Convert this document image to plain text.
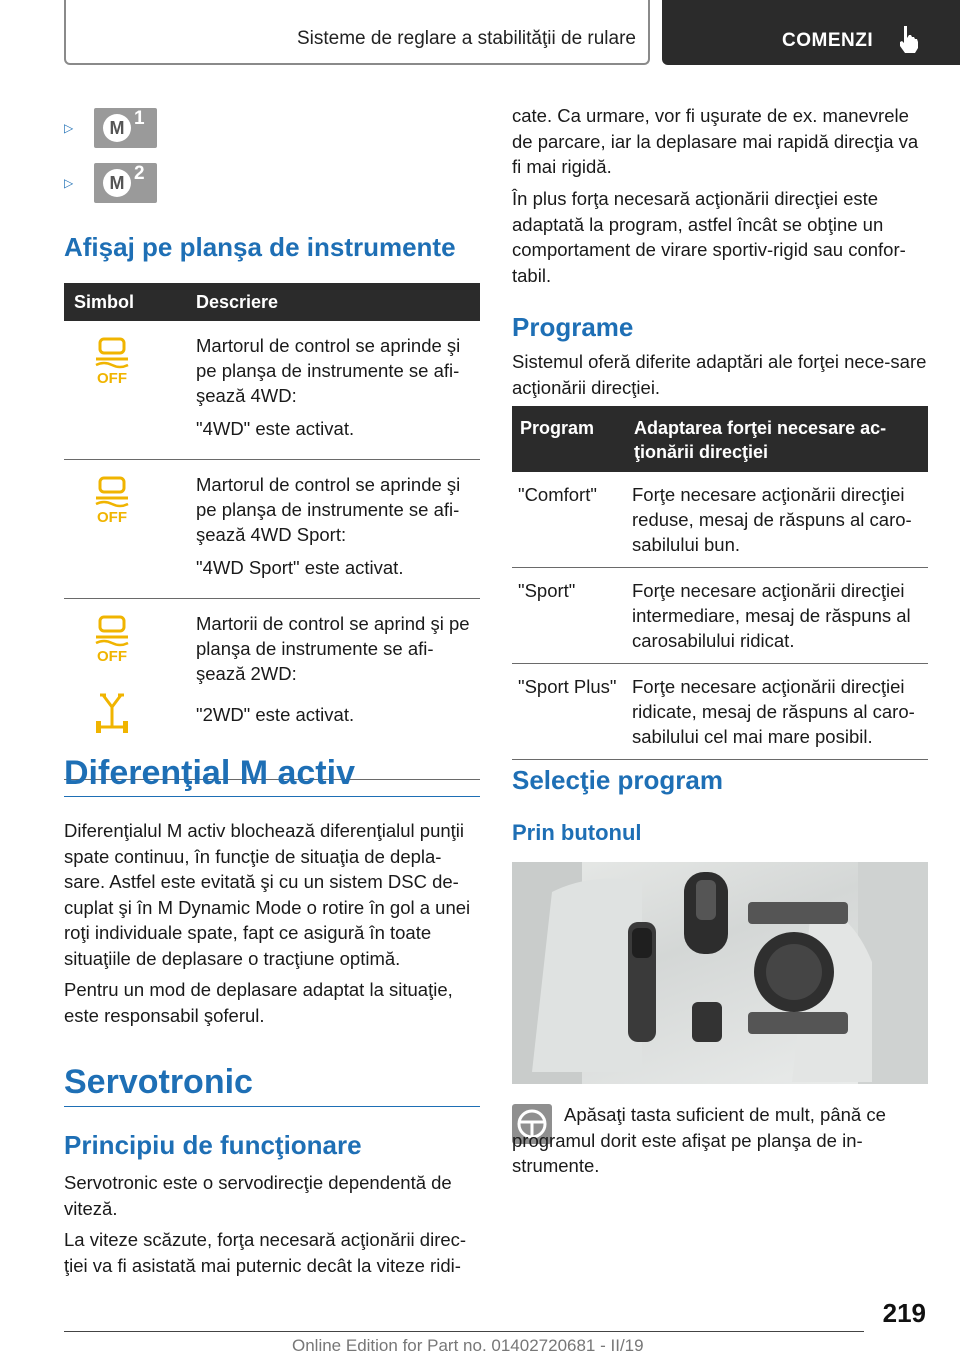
Sisteme de reglare a stabilităţii de rulare	COMENZI
▷	M 1
▷	M 2
Afişaj pe planşa de instrumente
Simbol	Descriere

OFF	Martorul de control se aprinde şi pe planşa de instrumente se afi‐şează 4WD:

"4WD" este activat.

OFF	Martorul de control se aprinde şi pe planşa de instrumente se afi‐şează 4WD Sport:

"4WD Sport" este activat.

OFF	Martorii de control se aprind şi pe planşa de instrumente se afi‐şează 2WD:

"2WD" este activat.

Diferenţial M activ

Diferenţialul M activ blochează diferenţialul punţii spate continuu, în funcţie de situaţia de depla‐sare. Astfel este evitată şi cu un sistem DSC de‐cuplat şi în M Dynamic Mode o rotire în gol a unei roţi individuale spate, fapt ce asigură în toate situaţiile de deplasare o tracţiune optimă.

Pentru un mod de deplasare adaptat la situaţie, este responsabil şoferul.

Servotronic
Principiu de funcţionare

Servotronic este o servodirecţie dependentă de viteză.

La viteze scăzute, forţa necesară acţionării direc‐ţiei va fi asistată mai puternic decât la viteze ridi‐

cate. Ca urmare, vor fi uşurate de ex. manevrele de parcare, iar la deplasare mai rapidă direcţia va fi mai rigidă.

În plus forţa necesară acţionării direcţiei este adaptată la program, astfel încât se obţine un comportament de virare sportiv-rigid sau confor‐tabil.

Programe

Sistemul oferă diferite adaptări ale forţei nece‐sare acţionării direcţiei.

Program	Adaptarea forţei necesare ac‐ţionării direcţiei
"Comfort"	Forţe necesare acţionării direcţiei reduse, mesaj de răspuns al caro‐sabilului bun.
"Sport"	Forţe necesare acţionării direcţiei intermediare, mesaj de răspuns al carosabilului ridicat.
"Sport Plus"	Forţe necesare acţionării direcţiei ridicate, mesaj de răspuns al caro‐sabilului cel mai mare posibil.
Selecţie program
Prin butonul

Apăsaţi tasta suficient de mult, până ce programul dorit este afişat pe planşa de in‐strumente.

219
Online Edition for Part no. 01402720681 - II/19
